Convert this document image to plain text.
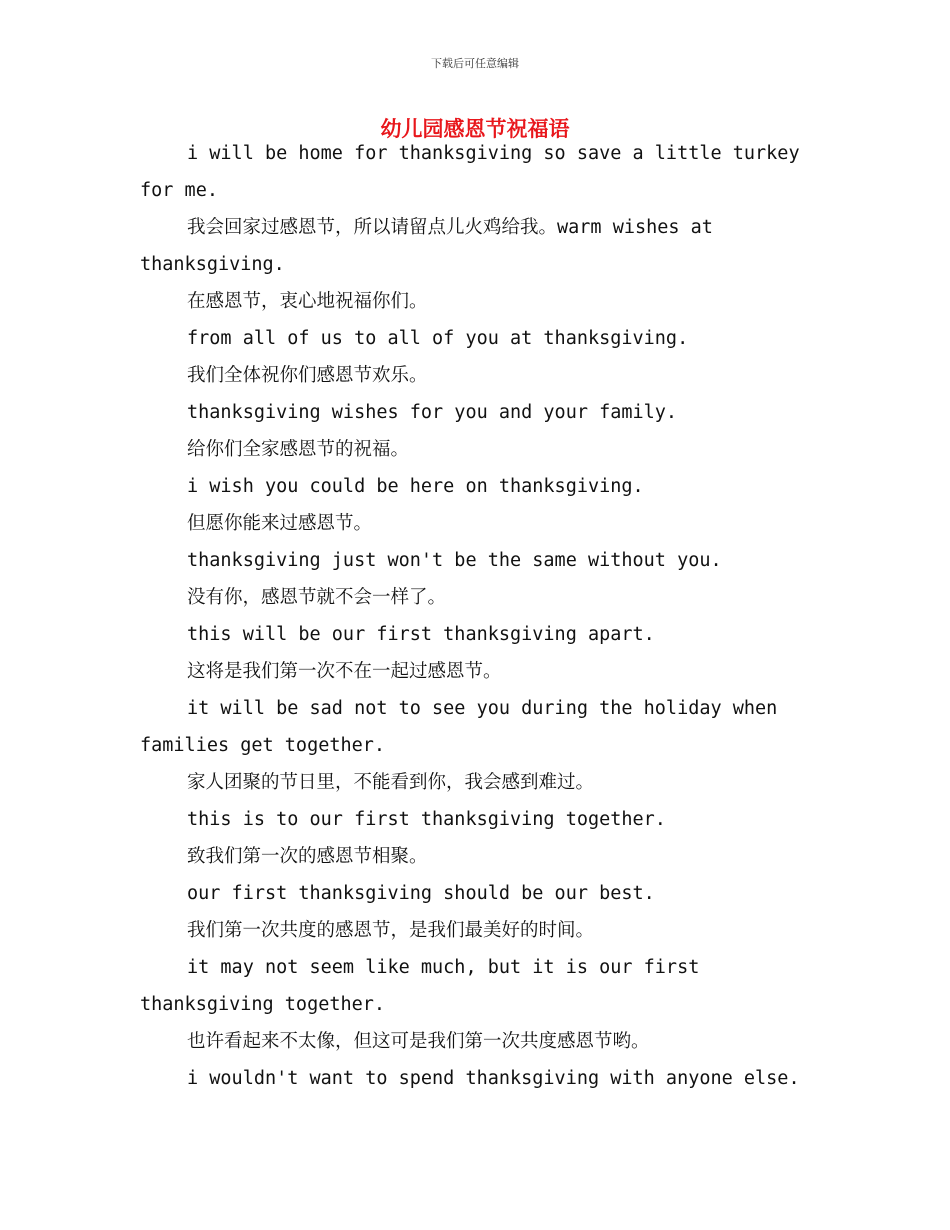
下载后可任意编辑
幼儿园感恩节祝福语

i will be home for thanksgiving so save a little turkey for me.

我会回家过感恩节，所以请留点儿火鸡给我。warm wishes at thanksgiving.

在感恩节，衷心地祝福你们。

from all of us to all of you at thanksgiving.

我们全体祝你们感恩节欢乐。

thanksgiving wishes for you and your family.

给你们全家感恩节的祝福。

i wish you could be here on thanksgiving.

但愿你能来过感恩节。

thanksgiving just won't be the same without you.

没有你，感恩节就不会一样了。

this will be our first thanksgiving apart.

这将是我们第一次不在一起过感恩节。

it will be sad not to see you during the holiday when families get together.

家人团聚的节日里，不能看到你，我会感到难过。

this is to our first thanksgiving together.

致我们第一次的感恩节相聚。

our first thanksgiving should be our best.

我们第一次共度的感恩节，是我们最美好的时间。

it may not seem like much, but it is our first thanksgiving together.

也许看起来不太像，但这可是我们第一次共度感恩节哟。

i wouldn't want to spend thanksgiving with anyone else.
